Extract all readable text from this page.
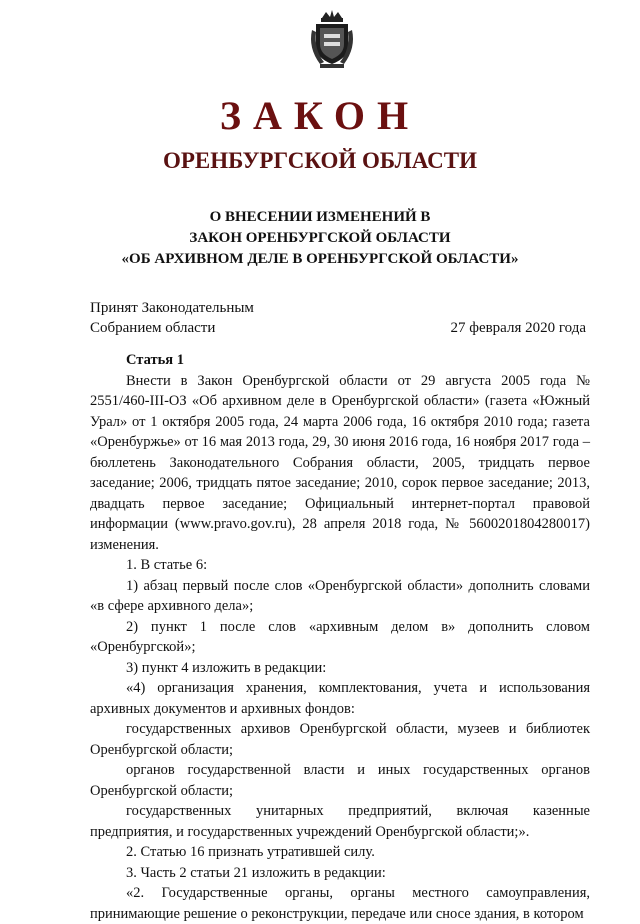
ЗАКОН
ОРЕНБУРГСКОЙ ОБЛАСТИ
О ВНЕСЕНИИ ИЗМЕНЕНИЙ В
ЗАКОН ОРЕНБУРГСКОЙ ОБЛАСТИ
«ОБ АРХИВНОМ ДЕЛЕ В ОРЕНБУРГСКОЙ ОБЛАСТИ»
Принят Законодательным
Собранием области	27 февраля 2020 года

Статья 1

Внести в Закон Оренбургской области от 29 августа 2005 года № 2551/460-III-ОЗ «Об архивном деле в Оренбургской области» (газета «Южный Урал» от 1 октября 2005 года, 24 марта 2006 года, 16 октября 2010 года; газета «Оренбуржье» от 16 мая 2013 года, 29, 30 июня 2016 года, 16 ноября 2017 года – бюллетень Законодательного Собрания области, 2005, тридцать первое заседание; 2006, тридцать пятое заседание; 2010, сорок первое заседание; 2013, двадцать первое заседание; Официальный интернет-портал правовой информации (www.pravo.gov.ru), 28 апреля 2018 года, № 5600201804280017) изменения.

1. В статье 6:

1) абзац первый после слов «Оренбургской области» дополнить словами «в сфере архивного дела»;

2) пункт 1 после слов «архивным делом в» дополнить словом «Оренбургской»;

3) пункт 4 изложить в редакции:

«4) организация хранения, комплектования, учета и использования архивных документов и архивных фондов:

государственных архивов Оренбургской области, музеев и библиотек Оренбургской области;

органов государственной власти и иных государственных органов Оренбургской области;

государственных унитарных предприятий, включая казенные предприятия, и государственных учреждений Оренбургской области;».

2. Статью 16 признать утратившей силу.

3. Часть 2 статьи 21 изложить в редакции:

«2. Государственные органы, органы местного самоуправления, принимающие решение о реконструкции, передаче или сносе здания, в котором
